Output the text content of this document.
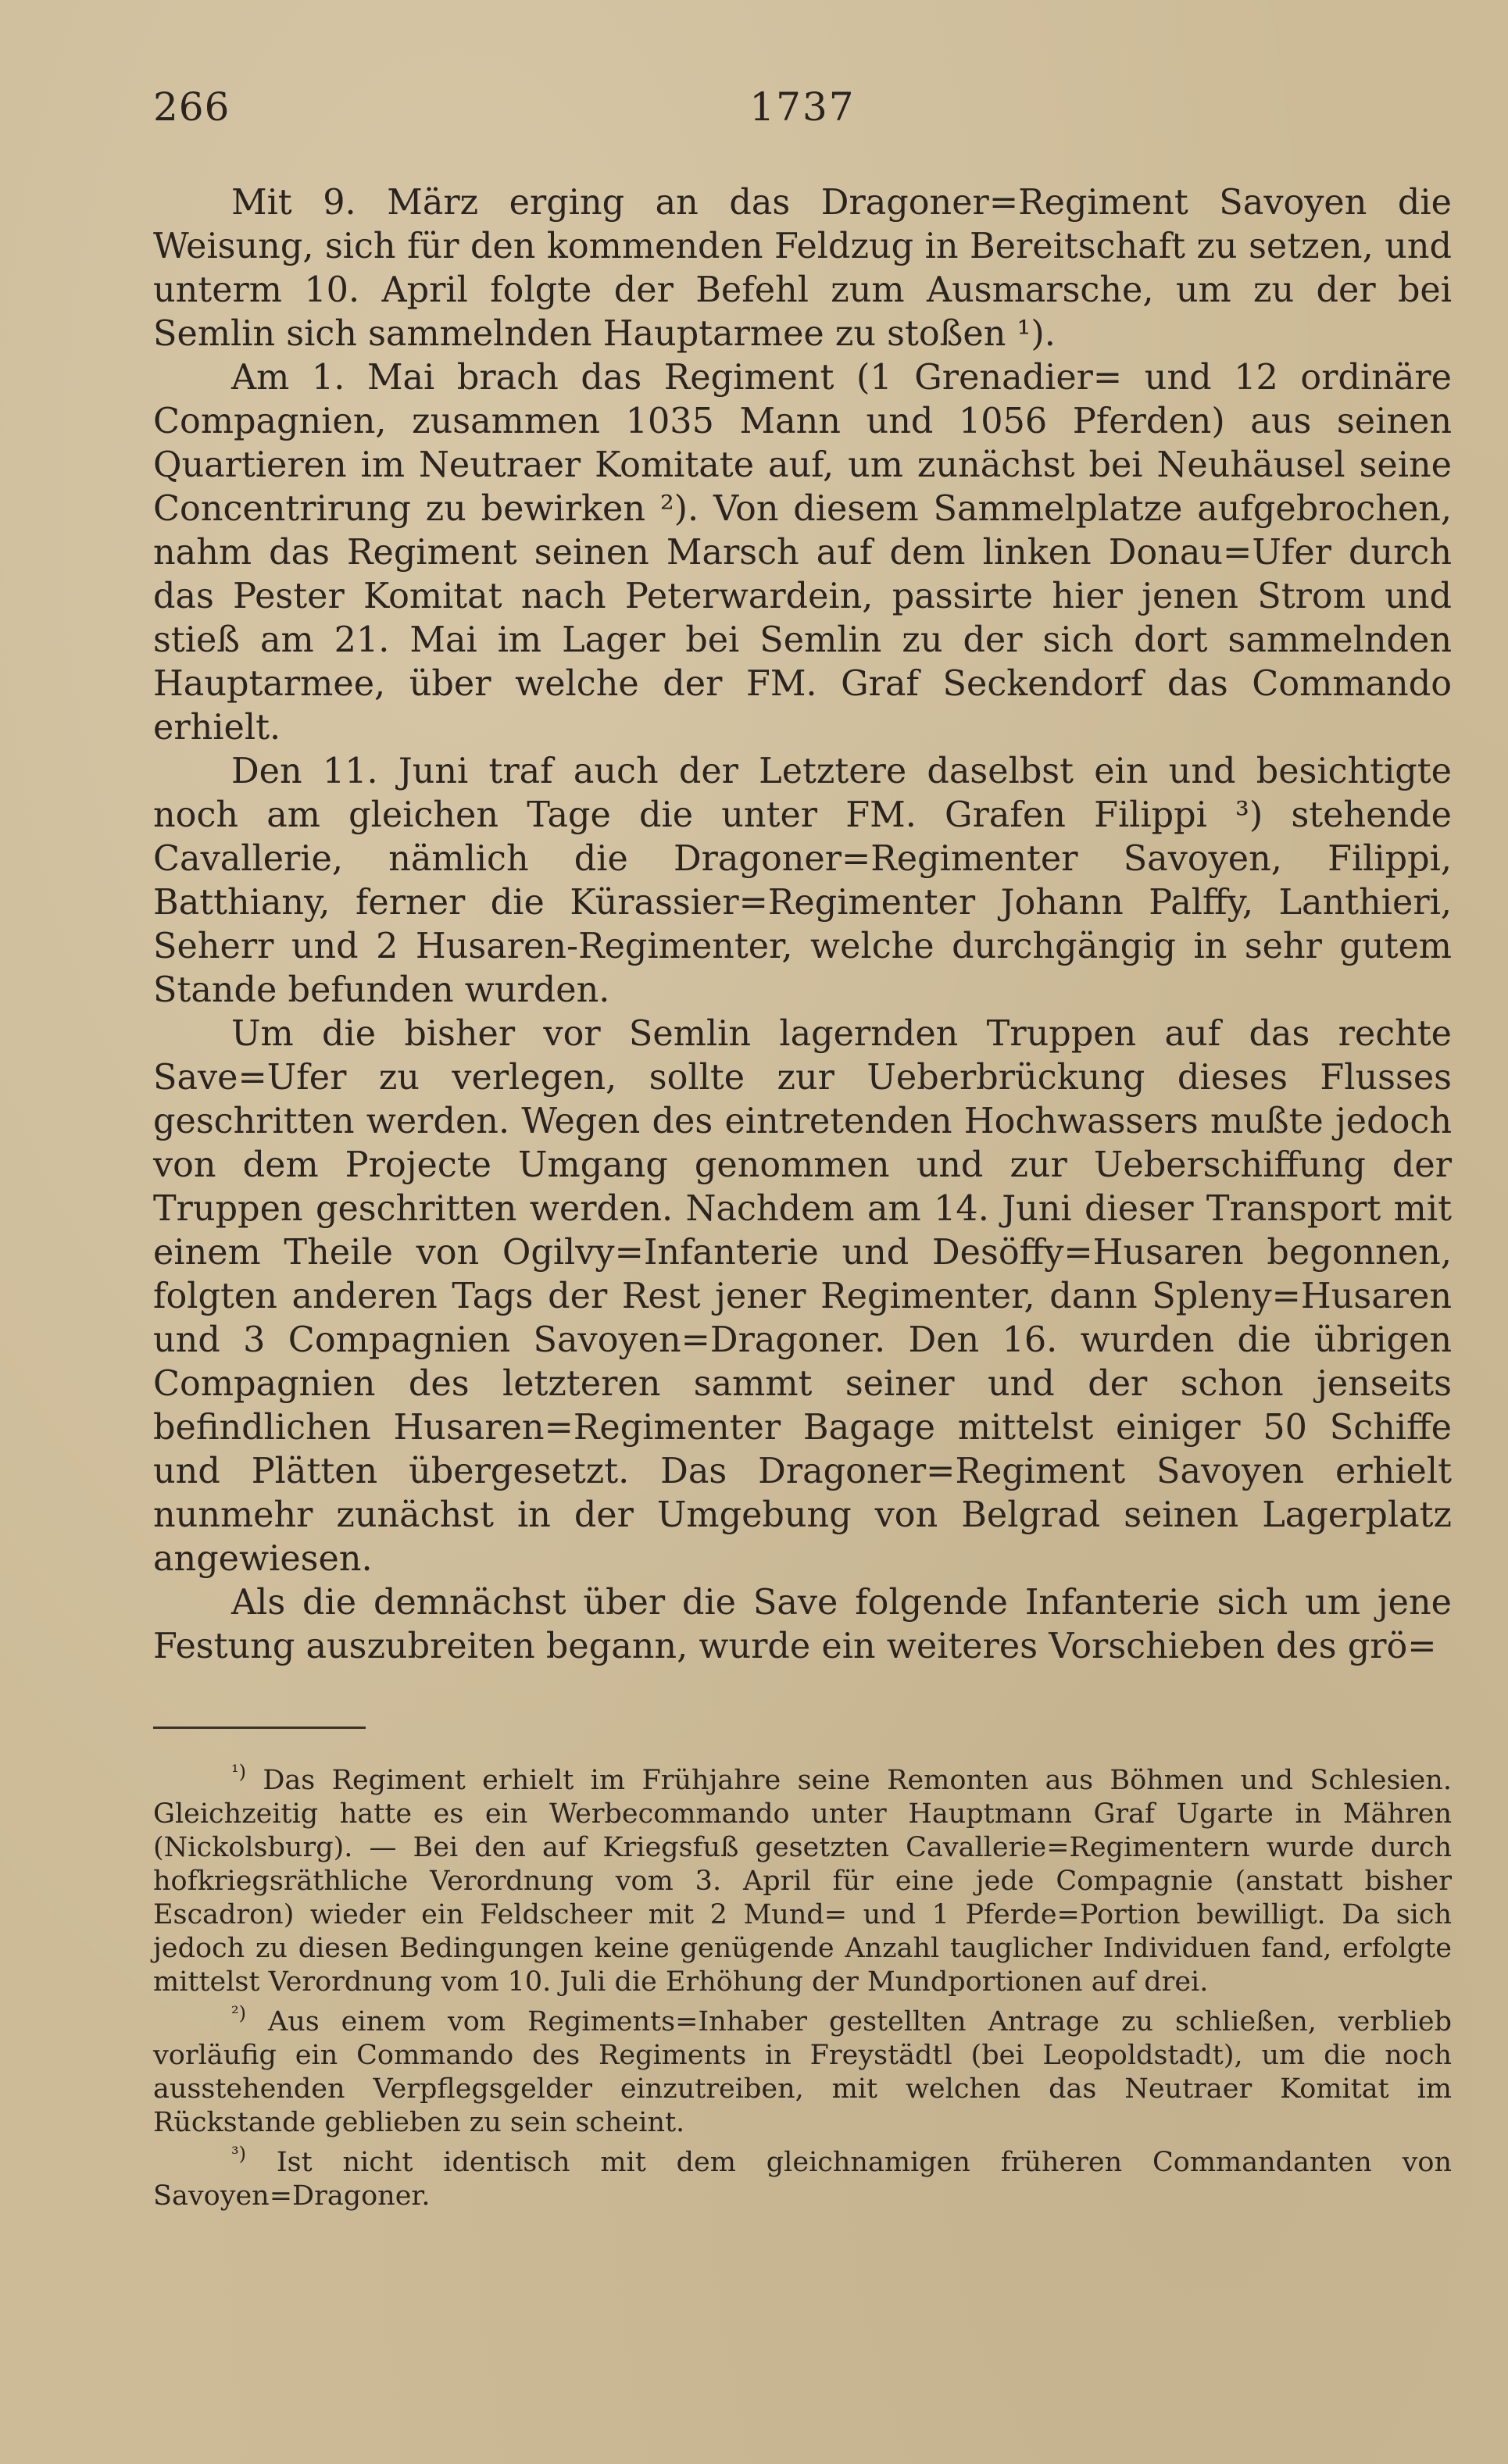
266	1737

Mit 9. März erging an das Dragoner=Regiment Savoyen die Weisung, sich für den kommenden Feldzug in Bereitschaft zu setzen, und unterm 10. April folgte der Befehl zum Ausmarsche, um zu der bei Semlin sich sammelnden Hauptarmee zu stoßen ¹).

Am 1. Mai brach das Regiment (1 Grenadier= und 12 ordinäre Compagnien, zusammen 1035 Mann und 1056 Pferden) aus seinen Quartieren im Neutraer Komitate auf, um zunächst bei Neuhäusel seine Concentrirung zu bewirken ²). Von diesem Sammelplatze aufgebrochen, nahm das Regiment seinen Marsch auf dem linken Donau=Ufer durch das Pester Komitat nach Peterwardein, passirte hier jenen Strom und stieß am 21. Mai im Lager bei Semlin zu der sich dort sammelnden Hauptarmee, über welche der FM. Graf Seckendorf das Commando erhielt.

Den 11. Juni traf auch der Letztere daselbst ein und besichtigte noch am gleichen Tage die unter FM. Grafen Filippi ³) stehende Cavallerie, nämlich die Dragoner=Regimenter Savoyen, Filippi, Batthiany, ferner die Kürassier=Regimenter Johann Palffy, Lanthieri, Seherr und 2 Husaren-Regimenter, welche durchgängig in sehr gutem Stande befunden wurden.

Um die bisher vor Semlin lagernden Truppen auf das rechte Save=Ufer zu verlegen, sollte zur Ueberbrückung dieses Flusses geschritten werden. Wegen des eintretenden Hochwassers mußte jedoch von dem Projecte Umgang genommen und zur Ueberschiffung der Truppen geschritten werden. Nachdem am 14. Juni dieser Transport mit einem Theile von Ogilvy=Infanterie und Desöffy=Husaren begonnen, folgten anderen Tags der Rest jener Regimenter, dann Spleny=Husaren und 3 Compagnien Savoyen=Dragoner. Den 16. wurden die übrigen Compagnien des letzteren sammt seiner und der schon jenseits befindlichen Husaren=Regimenter Bagage mittelst einiger 50 Schiffe und Plätten übergesetzt. Das Dragoner=Regiment Savoyen erhielt nunmehr zunächst in der Umgebung von Belgrad seinen Lagerplatz angewiesen.

Als die demnächst über die Save folgende Infanterie sich um jene Festung auszubreiten begann, wurde ein weiteres Vorschieben des grö=

$^{^1)}$ Das Regiment erhielt im Frühjahre seine Remonten aus Böhmen und Schlesien. Gleichzeitig hatte es ein Werbecommando unter Hauptmann Graf Ugarte in Mähren (Nickolsburg). — Bei den auf Kriegsfuß gesetzten Cavallerie=Regimentern wurde durch hofkriegsräthliche Verordnung vom 3. April für eine jede Compagnie (anstatt bisher Escadron) wieder ein Feldscheer mit 2 Mund= und 1 Pferde=Portion bewilligt. Da sich jedoch zu diesen Bedingungen keine genügende Anzahl tauglicher Individuen fand, erfolgte mittelst Verordnung vom 10. Juli die Erhöhung der Mundportionen auf drei.

$^{^2)}$ Aus einem vom Regiments=Inhaber gestellten Antrage zu schließen, verblieb vorläufig ein Commando des Regiments in Freystädtl (bei Leopoldstadt), um die noch ausstehenden Verpflegsgelder einzutreiben, mit welchen das Neutraer Komitat im Rückstande geblieben zu sein scheint.

$^{^3)}$ Ist nicht identisch mit dem gleichnamigen früheren Commandanten von Savoyen=Dragoner.
